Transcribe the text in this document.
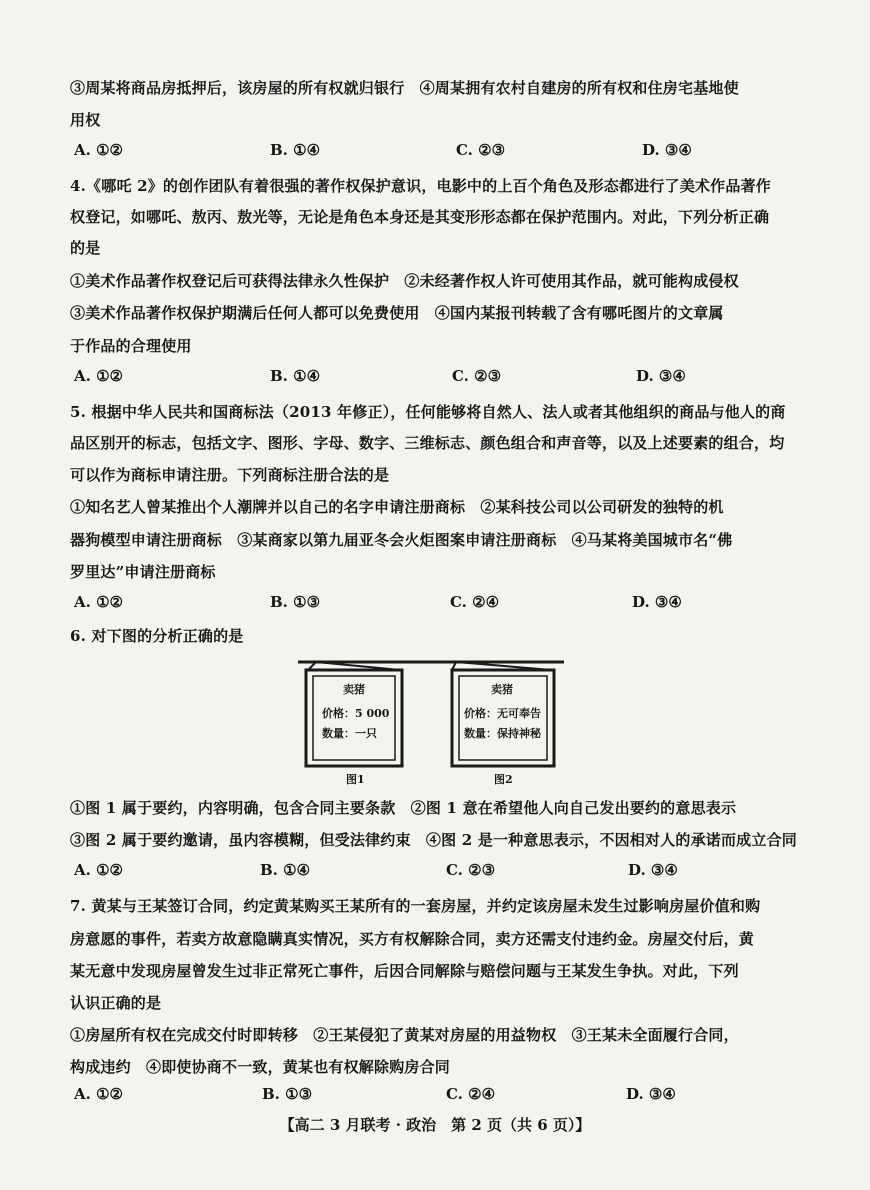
③周某将商品房抵押后，该房屋的所有权就归银行　④周某拥有农村自建房的所有权和住房宅基地使
用权
A. ①②	B. ①④	C. ②③	D. ③④
4.《哪吒 2》的创作团队有着很强的著作权保护意识，电影中的上百个角色及形态都进行了美术作品著作
权登记，如哪吒、敖丙、敖光等，无论是角色本身还是其变形形态都在保护范围内。对此，下列分析正确
的是
①美术作品著作权登记后可获得法律永久性保护　②未经著作权人许可使用其作品，就可能构成侵权
③美术作品著作权保护期满后任何人都可以免费使用　④国内某报刊转载了含有哪吒图片的文章属
于作品的合理使用
A. ①②	B. ①④	C. ②③	D. ③④
5. 根据中华人民共和国商标法（2013 年修正），任何能够将自然人、法人或者其他组织的商品与他人的商
品区别开的标志，包括文字、图形、字母、数字、三维标志、颜色组合和声音等，以及上述要素的组合，均
可以作为商标申请注册。下列商标注册合法的是
①知名艺人曾某推出个人潮牌并以自己的名字申请注册商标　②某科技公司以公司研发的独特的机
器狗模型申请注册商标　③某商家以第九届亚冬会火炬图案申请注册商标　④马某将美国城市名“佛
罗里达”申请注册商标
A. ①②	B. ①③	C. ②④	D. ③④
6. 对下图的分析正确的是
卖猪
价格：5 000
数量：一只
卖猪
价格：无可奉告
数量：保持神秘
图1	图2
①图 1 属于要约，内容明确，包含合同主要条款　②图 1 意在希望他人向自己发出要约的意思表示
③图 2 属于要约邀请，虽内容模糊，但受法律约束　④图 2 是一种意思表示，不因相对人的承诺而成立合同
A. ①②	B. ①④	C. ②③	D. ③④
7. 黄某与王某签订合同，约定黄某购买王某所有的一套房屋，并约定该房屋未发生过影响房屋价值和购
房意愿的事件，若卖方故意隐瞒真实情况，买方有权解除合同，卖方还需支付违约金。房屋交付后，黄
某无意中发现房屋曾发生过非正常死亡事件，后因合同解除与赔偿问题与王某发生争执。对此，下列
认识正确的是
①房屋所有权在完成交付时即转移　②王某侵犯了黄某对房屋的用益物权　③王某未全面履行合同，
构成违约　④即使协商不一致，黄某也有权解除购房合同
A. ①②	B. ①③	C. ②④	D. ③④
【高二 3 月联考 · 政治　第 2 页（共 6 页）】
